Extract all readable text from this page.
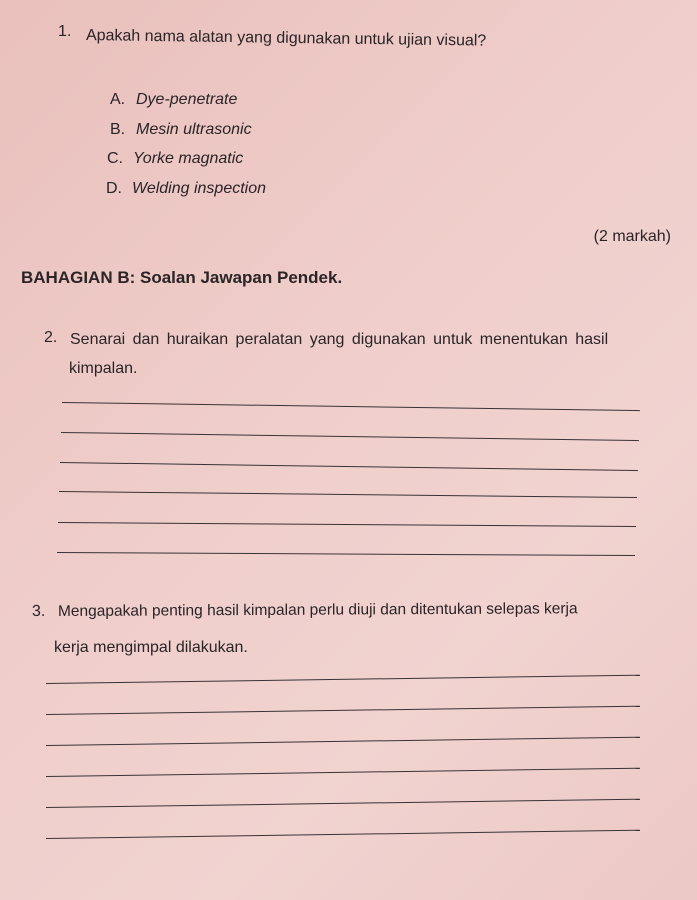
1. Apakah nama alatan yang digunakan untuk ujian visual?
A. Dye-penetrate
B. Mesin ultrasonic
C. Yorke magnatic
D. Welding inspection
(2 markah)
BAHAGIAN B: Soalan Jawapan Pendek.
2. Senarai dan huraikan peralatan yang digunakan untuk menentukan hasil
kimpalan.
3. Mengapakah penting hasil kimpalan perlu diuji dan ditentukan selepas kerja
kerja mengimpal dilakukan.
